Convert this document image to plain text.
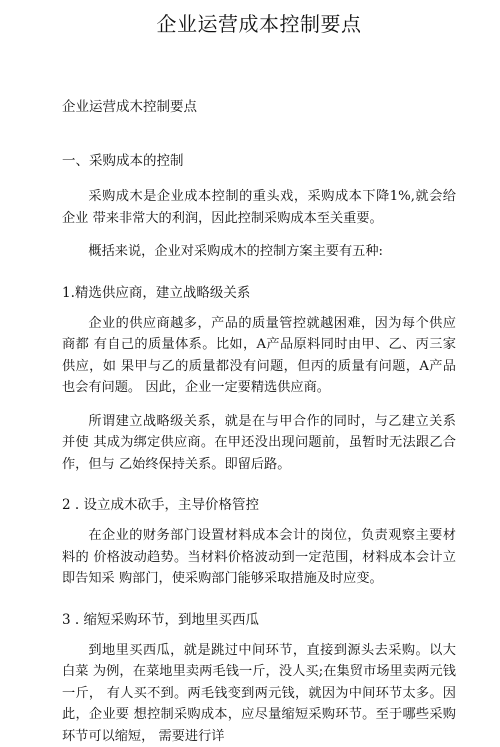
企业运营成本控制要点

企业运营成木控制要点

一、采购成本的控制

采购成木是企业成本控制的重头戏，采购成本下降1%,就会给 企业 带来非常大的利润，因此控制采购成本至关重要。

概括来说，企业对采购成木的控制方案主要有五种:

1.精选供应商，建立战略级关系

企业的供应商越多，产品的质量管控就越困难，因为每个供应商都 有自己的质量体系。比如，A产品原料同时由甲、乙、丙三家供应，如 果甲与乙的质量都没有问题，但丙的质量有问题，A产品也会有问题。 因此，企业一定要精选供应商。

所谓建立战略级关系，就是在与甲合作的同时，与乙建立关系并使 其成为绑定供应商。在甲还没出现问题前，虽暂时无法跟乙合作，但与 乙始终保持关系。即留后路。

2 . 设立成木砍手，主导价格管控

在企业的财务部门设置材料成本会计的岗位，负责观察主要材料的 价格波动趋势。当材料价格波动到一定范围，材料成本会计立即告知采 购部门，使采购部门能够采取措施及时应变。

3 . 缩短采购环节，到地里买西瓜

到地里买西瓜，就是跳过中间环节，直接到源头去采购。以大白菜 为例，在菜地里卖两毛钱一斤，没人买;在集贸市场里卖两元钱一斤， 有人买不到。两毛钱变到两元钱，就因为中间环节太多。因此，企业要 想控制采购成本，应尽量缩短采购环节。至于哪些采购环节可以缩短， 需要进行详
